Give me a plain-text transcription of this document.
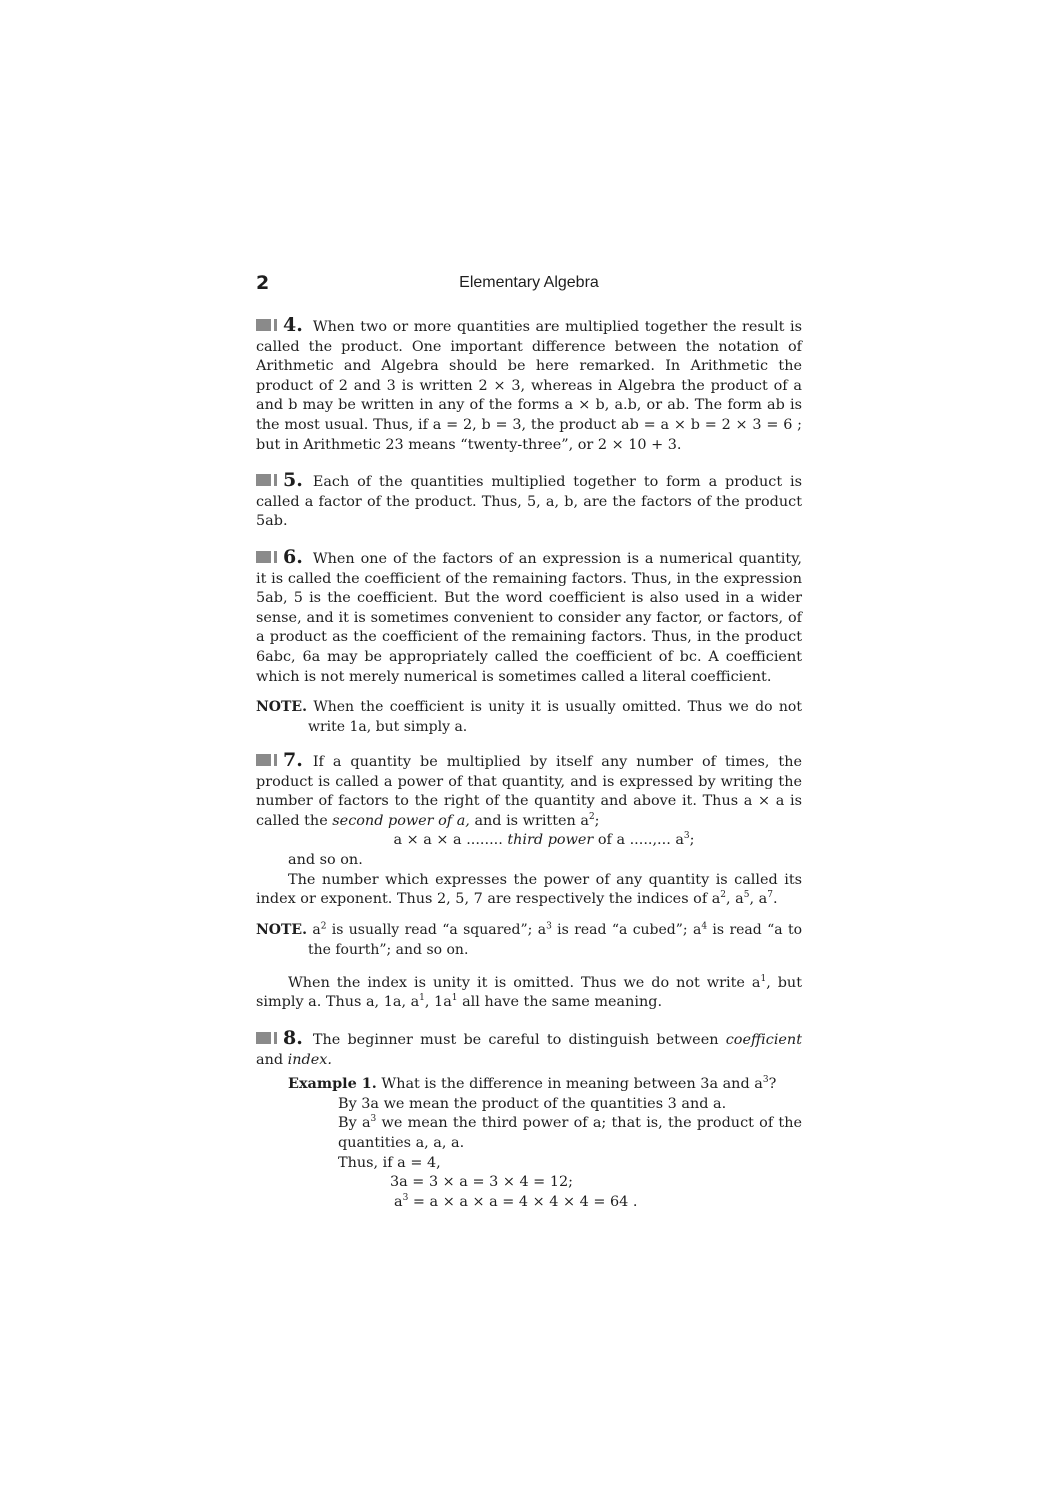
2	Elementary Algebra

4. When two or more quantities are multiplied together the result is called the product. One important difference between the notation of Arithmetic and Algebra should be here remarked. In Arithmetic the product of 2 and 3 is written 2 × 3, whereas in Algebra the product of a and b may be written in any of the forms a × b, a.b, or ab. The form ab is the most usual. Thus, if a = 2, b = 3, the product ab = a × b = 2 × 3 = 6 ; but in Arithmetic 23 means “twenty-three”, or 2 × 10 + 3.

5. Each of the quantities multiplied together to form a product is called a factor of the product. Thus, 5, a, b, are the factors of the product 5ab.

6. When one of the factors of an expression is a numerical quantity, it is called the coefficient of the remaining factors. Thus, in the expression 5ab, 5 is the coefficient. But the word coefficient is also used in a wider sense, and it is sometimes convenient to consider any factor, or factors, of a product as the coefficient of the remaining factors. Thus, in the product 6abc, 6a may be appropriately called the coefficient of bc. A coefficient which is not merely numerical is sometimes called a literal coefficient.

NOTE. When the coefficient is unity it is usually omitted. Thus we do not write 1a, but simply a.

7. If a quantity be multiplied by itself any number of times, the product is called a power of that quantity, and is expressed by writing the number of factors to the right of the quantity and above it. Thus a × a is called the second power of a, and is written $a^2$;

a × a × a ........ third power of a .....,... $a^3$;

and so on.

The number which expresses the power of any quantity is called its index or exponent. Thus 2, 5, 7 are respectively the indices of $a^2$, $a^5$, $a^7$.

NOTE. $a^2$ is usually read “a squared”; $a^3$ is read “a cubed”; $a^4$ is read “a to the fourth”; and so on.

When the index is unity it is omitted. Thus we do not write $a^1$, but simply a. Thus a, 1a, $a^1$, $1a^1$ all have the same meaning.

8. The beginner must be careful to distinguish between coefficient and index.

Example 1. What is the difference in meaning between 3a and $a^3$?

By 3a we mean the product of the quantities 3 and a.

By $a^3$ we mean the third power of a; that is, the product of the quantities a, a, a.

Thus, if a = 4,

3a = 3 × a = 3 × 4 = 12;

$a^3 = a \times a \times a = 4 \times 4 \times 4 = 64$ .
